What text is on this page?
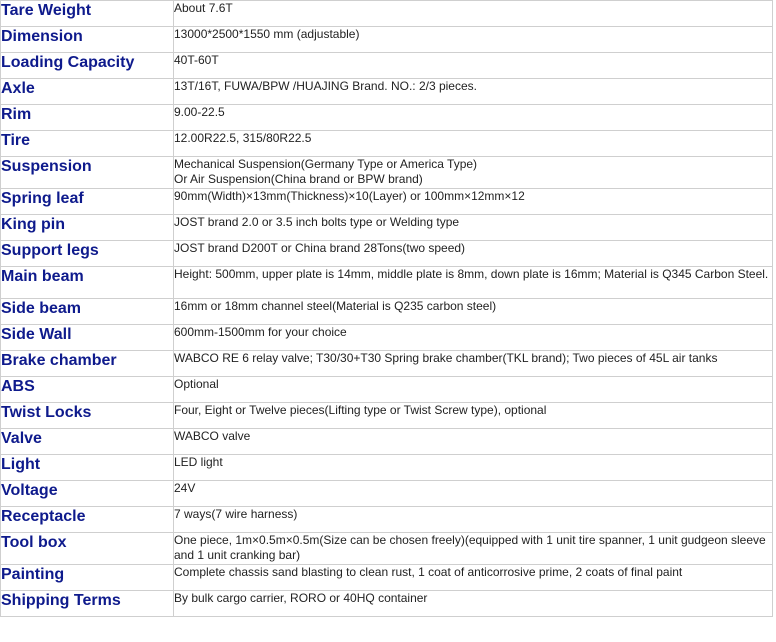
Tare Weight	About 7.6T
Dimension	13000*2500*1550 mm (adjustable)
Loading Capacity	40T-60T
Axle	13T/16T, FUWA/BPW /HUAJING Brand. NO.: 2/3 pieces.
Rim	9.00-22.5
Tire	12.00R22.5, 315/80R22.5
Suspension	Mechanical Suspension(Germany Type or America Type)
Or Air Suspension(China brand or BPW brand)

Spring leaf	90mm(Width)×13mm(Thickness)×10(Layer) or 100mm×12mm×12
King pin	JOST brand 2.0 or 3.5 inch bolts type or Welding type
Support legs	JOST brand D200T or China brand 28Tons(two speed)
Main beam	Height: 500mm, upper plate is 14mm, middle plate is 8mm, down plate is 16mm; Material is Q345 Carbon Steel.
Side beam	16mm or 18mm channel steel(Material is Q235 carbon steel)
Side Wall	600mm-1500mm for your choice
Brake chamber	WABCO RE 6 relay valve; T30/30+T30 Spring brake chamber(TKL brand); Two pieces of 45L air tanks
ABS	Optional
Twist Locks	Four, Eight or Twelve pieces(Lifting type or Twist Screw type), optional
Valve	WABCO valve
Light	LED light
Voltage	24V
Receptacle	7 ways(7 wire harness)
Tool box	One piece, 1m×0.5m×0.5m(Size can be chosen freely)(equipped with 1 unit tire spanner, 1 unit gudgeon sleeve and 1 unit cranking bar)
Painting	Complete chassis sand blasting to clean rust, 1 coat of anticorrosive prime, 2 coats of final paint
Shipping Terms	By bulk cargo carrier, RORO or 40HQ container
